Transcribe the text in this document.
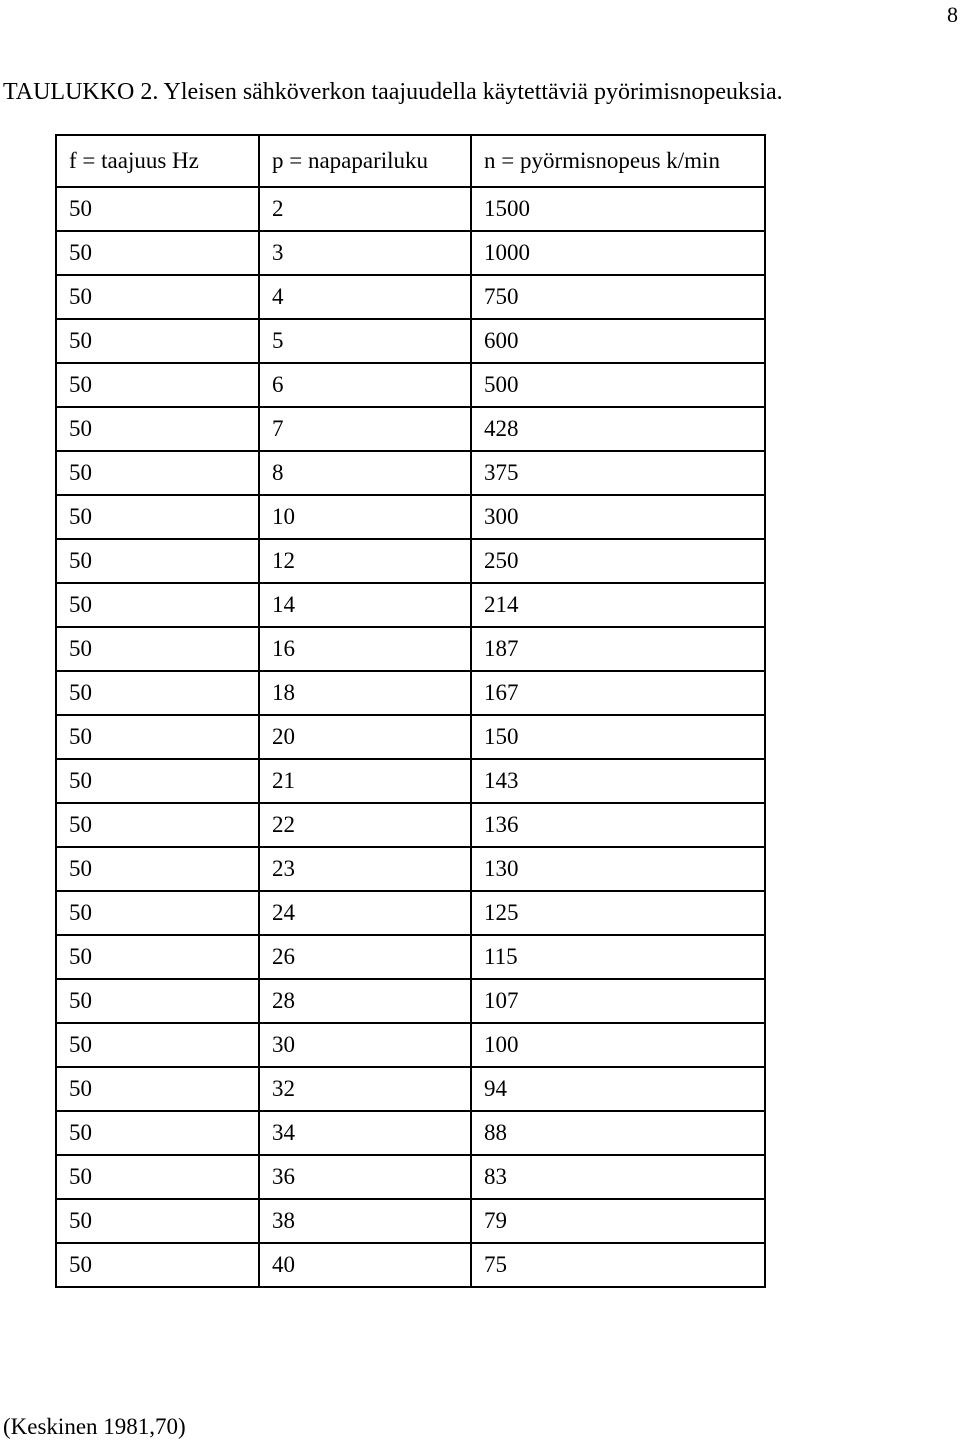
8
TAULUKKO 2. Yleisen sähköverkon taajuudella käytettäviä pyörimisnopeuksia.
f = taajuus Hz	p = napapariluku	n = pyörmisnopeus k/min
50	2	1500
50	3	1000
50	4	750
50	5	600
50	6	500
50	7	428
50	8	375
50	10	300
50	12	250
50	14	214
50	16	187
50	18	167
50	20	150
50	21	143
50	22	136
50	23	130
50	24	125
50	26	115
50	28	107
50	30	100
50	32	94
50	34	88
50	36	83
50	38	79
50	40	75
(Keskinen 1981,70)
